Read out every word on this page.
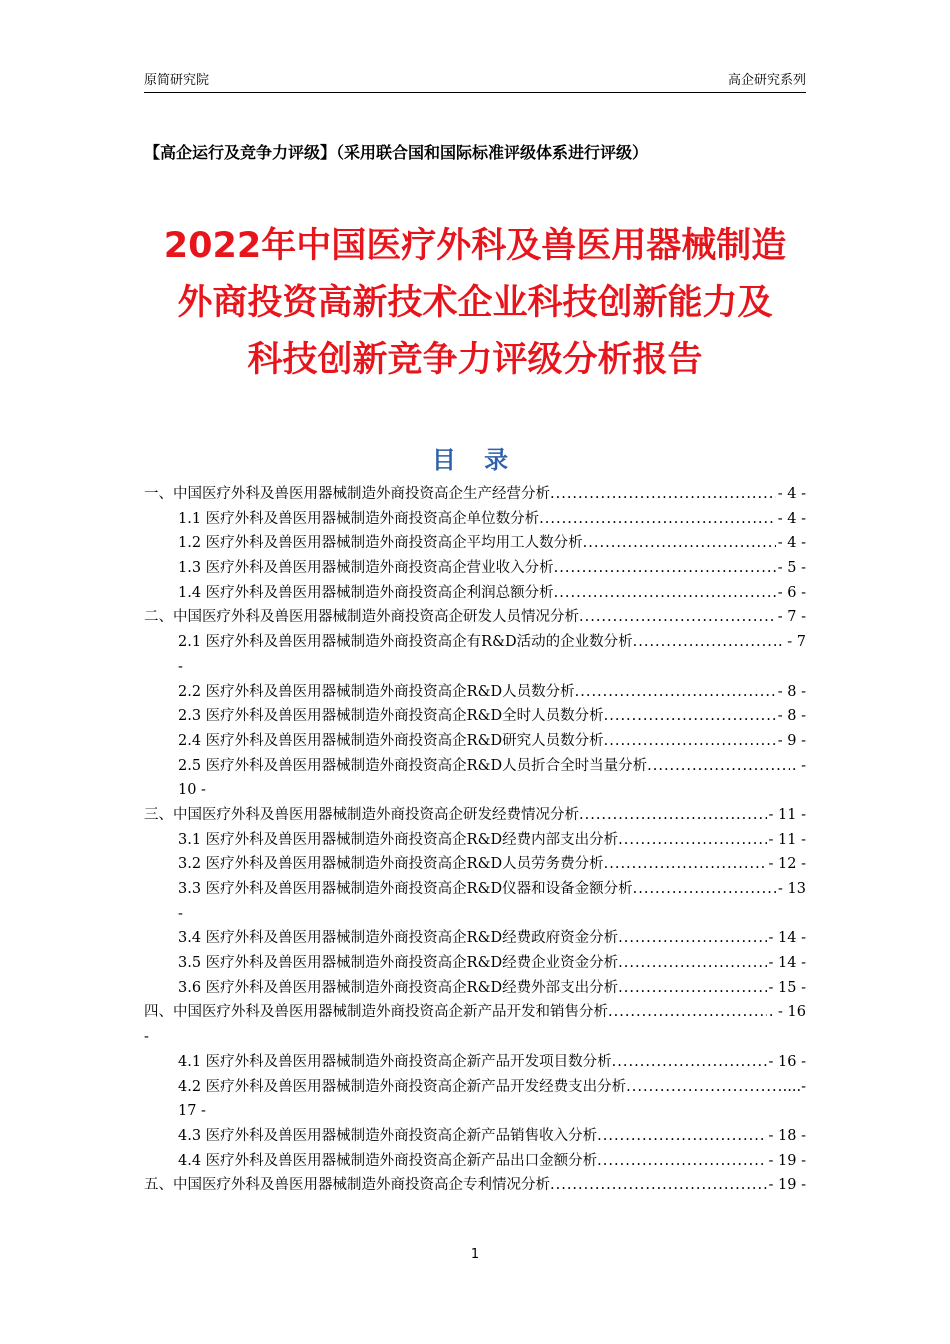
原简研究院	高企研究系列
【高企运行及竞争力评级】（采用联合国和国际标准评级体系进行评级）
2022年中国医疗外科及兽医用器械制造
外商投资高新技术企业科技创新能力及
科技创新竞争力评级分析报告
目 录
一、中国医疗外科及兽医用器械制造外商投资高企生产经营分析 .....	- 4 -
1.1 医疗外科及兽医用器械制造外商投资高企单位数分析 .....	- 4 -
1.2 医疗外科及兽医用器械制造外商投资高企平均用工人数分析 .....	- 4 -
1.3 医疗外科及兽医用器械制造外商投资高企营业收入分析 .....	- 5 -
1.4 医疗外科及兽医用器械制造外商投资高企利润总额分析 .....	- 6 -
二、中国医疗外科及兽医用器械制造外商投资高企研发人员情况分析 .....	- 7 -
2.1 医疗外科及兽医用器械制造外商投资高企有R&D活动的企业数分析 .....	. - 7
-
2.2 医疗外科及兽医用器械制造外商投资高企R&D人员数分析 .....	- 8 -
2.3 医疗外科及兽医用器械制造外商投资高企R&D全时人员数分析 .....	- 8 -
2.4 医疗外科及兽医用器械制造外商投资高企R&D研究人员数分析 .....	- 9 -
2.5 医疗外科及兽医用器械制造外商投资高企R&D人员折合全时当量分析 .....	. -
10 -
三、中国医疗外科及兽医用器械制造外商投资高企研发经费情况分析 .....	- 11 -
3.1 医疗外科及兽医用器械制造外商投资高企R&D经费内部支出分析 .....	- 11 -
3.2 医疗外科及兽医用器械制造外商投资高企R&D人员劳务费分析 .....	- 12 -
3.3 医疗外科及兽医用器械制造外商投资高企R&D仪器和设备金额分析 .....	- 13
-
3.4 医疗外科及兽医用器械制造外商投资高企R&D经费政府资金分析 .....	- 14 -
3.5 医疗外科及兽医用器械制造外商投资高企R&D经费企业资金分析 .....	- 14 -
3.6 医疗外科及兽医用器械制造外商投资高企R&D经费外部支出分析 .....	- 15 -
四、中国医疗外科及兽医用器械制造外商投资高企新产品开发和销售分析 .....	. - 16
-
4.1 医疗外科及兽医用器械制造外商投资高企新产品开发项目数分析 .....	- 16 -
4.2 医疗外科及兽医用器械制造外商投资高企新产品开发经费支出分析 .....	....-
17 -
4.3 医疗外科及兽医用器械制造外商投资高企新产品销售收入分析 .....	- 18 -
4.4 医疗外科及兽医用器械制造外商投资高企新产品出口金额分析 .....	- 19 -
五、中国医疗外科及兽医用器械制造外商投资高企专利情况分析 .....	- 19 -
1
